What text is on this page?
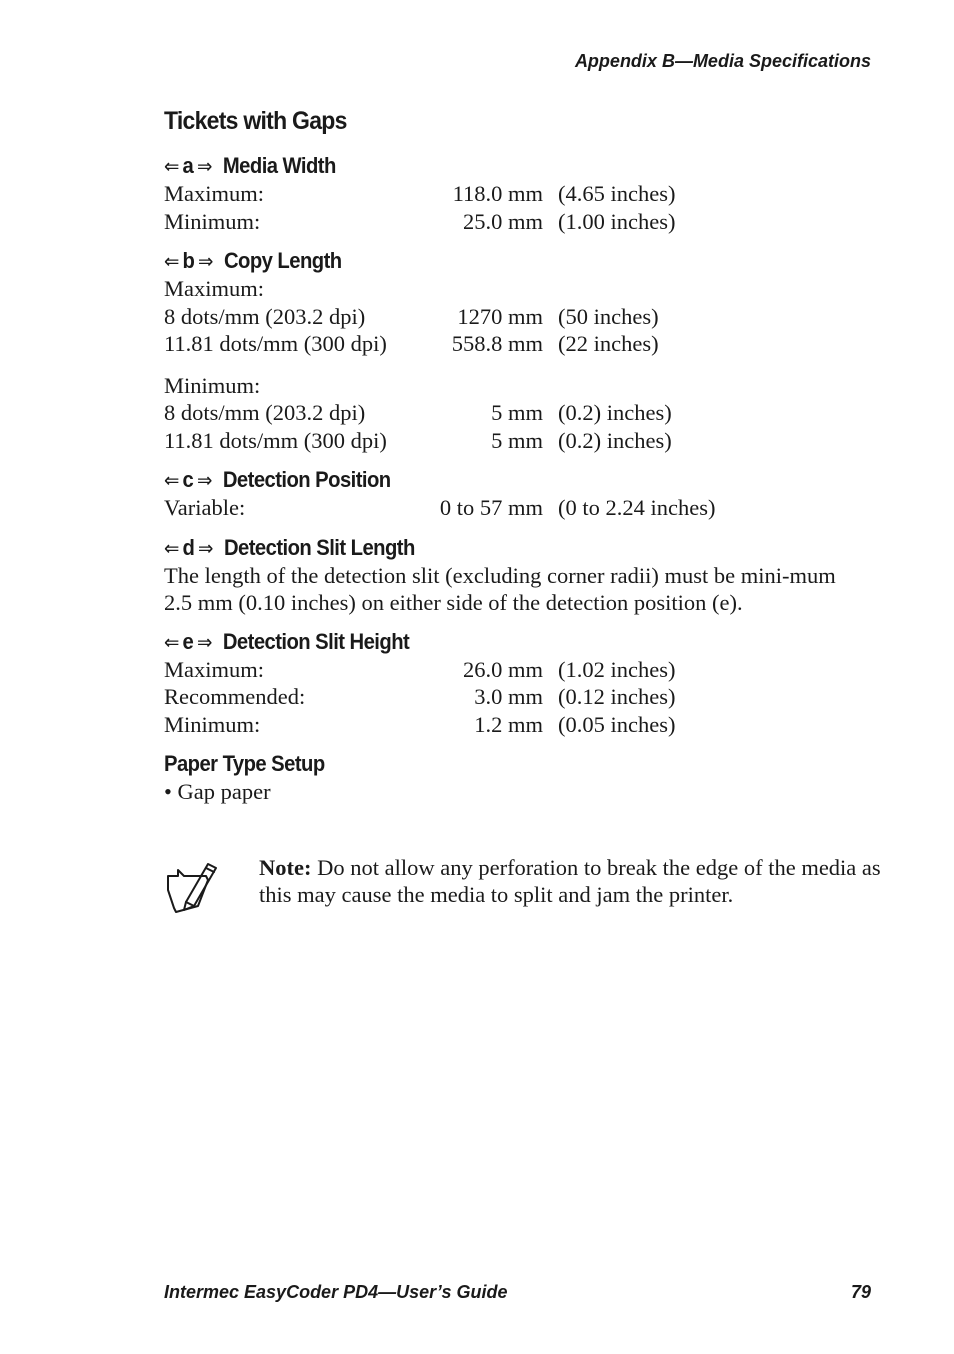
Appendix B—Media Specifications
Tickets with Gaps
⇐ a ⇒ Media Width
Maximum:	118.0 mm (4.65 inches)
Minimum:	25.0 mm (1.00 inches)
⇐ b ⇒ Copy Length
Maximum:
8 dots/mm (203.2 dpi)	1270 mm (50 inches)
11.81 dots/mm (300 dpi)	558.8 mm (22 inches)
Minimum:
8 dots/mm (203.2 dpi)	5 mm (0.2) inches)
11.81 dots/mm (300 dpi)	5 mm (0.2) inches)
⇐ c ⇒ Detection Position
Variable:	0 to 57 mm (0 to 2.24 inches)
⇐ d ⇒ Detection Slit Length

The length of the detection slit (excluding corner radii) must be mini-mum 2.5 mm (0.10 inches) on either side of the detection position (e).

⇐ e ⇒ Detection Slit Height
Maximum:	26.0 mm (1.02 inches)
Recommended:	3.0 mm (0.12 inches)
Minimum:	1.2 mm (0.05 inches)
Paper Type Setup
• Gap paper
Note: Do not allow any perforation to break the edge of the media as this may cause the media to split and jam the printer.
Intermec EasyCoder PD4—User’s Guide	79
